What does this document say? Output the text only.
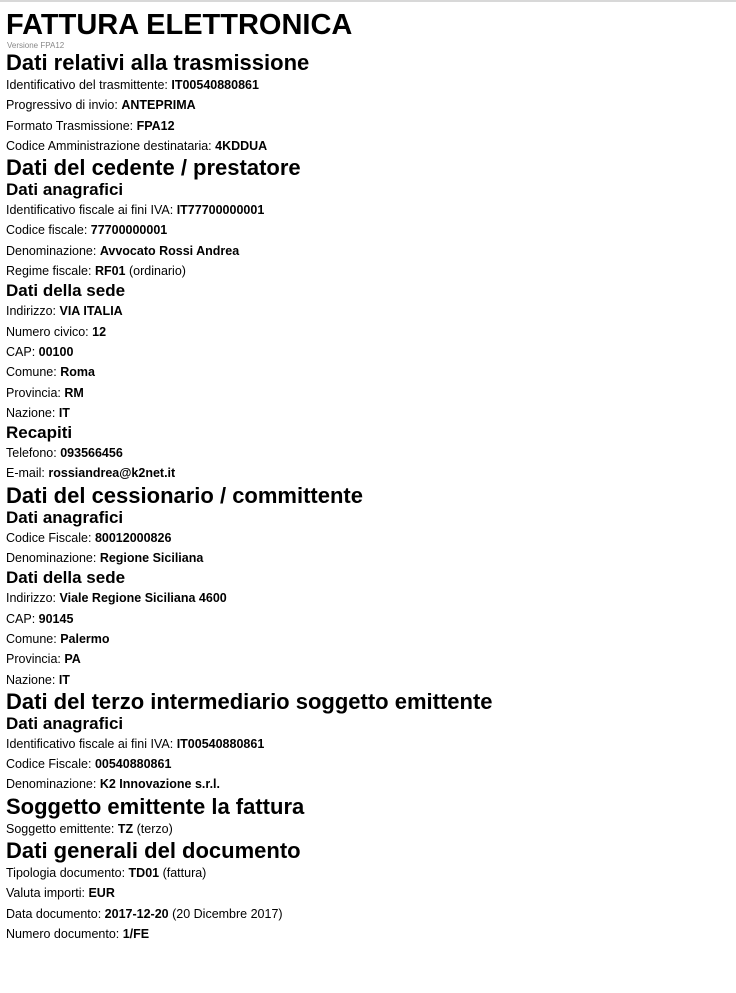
FATTURA ELETTRONICA
Versione FPA12
Dati relativi alla trasmissione
Identificativo del trasmittente: IT00540880861
Progressivo di invio: ANTEPRIMA
Formato Trasmissione: FPA12
Codice Amministrazione destinataria: 4KDDUA
Dati del cedente / prestatore
Dati anagrafici
Identificativo fiscale ai fini IVA: IT77700000001
Codice fiscale: 77700000001
Denominazione: Avvocato Rossi Andrea
Regime fiscale: RF01 (ordinario)
Dati della sede
Indirizzo: VIA ITALIA
Numero civico: 12
CAP: 00100
Comune: Roma
Provincia: RM
Nazione: IT
Recapiti
Telefono: 093566456
E-mail: rossiandrea@k2net.it
Dati del cessionario / committente
Dati anagrafici
Codice Fiscale: 80012000826
Denominazione: Regione Siciliana
Dati della sede
Indirizzo: Viale Regione Siciliana 4600
CAP: 90145
Comune: Palermo
Provincia: PA
Nazione: IT
Dati del terzo intermediario soggetto emittente
Dati anagrafici
Identificativo fiscale ai fini IVA: IT00540880861
Codice Fiscale: 00540880861
Denominazione: K2 Innovazione s.r.l.
Soggetto emittente la fattura
Soggetto emittente: TZ (terzo)
Dati generali del documento
Tipologia documento: TD01 (fattura)
Valuta importi: EUR
Data documento: 2017-12-20 (20 Dicembre 2017)
Numero documento: 1/FE
